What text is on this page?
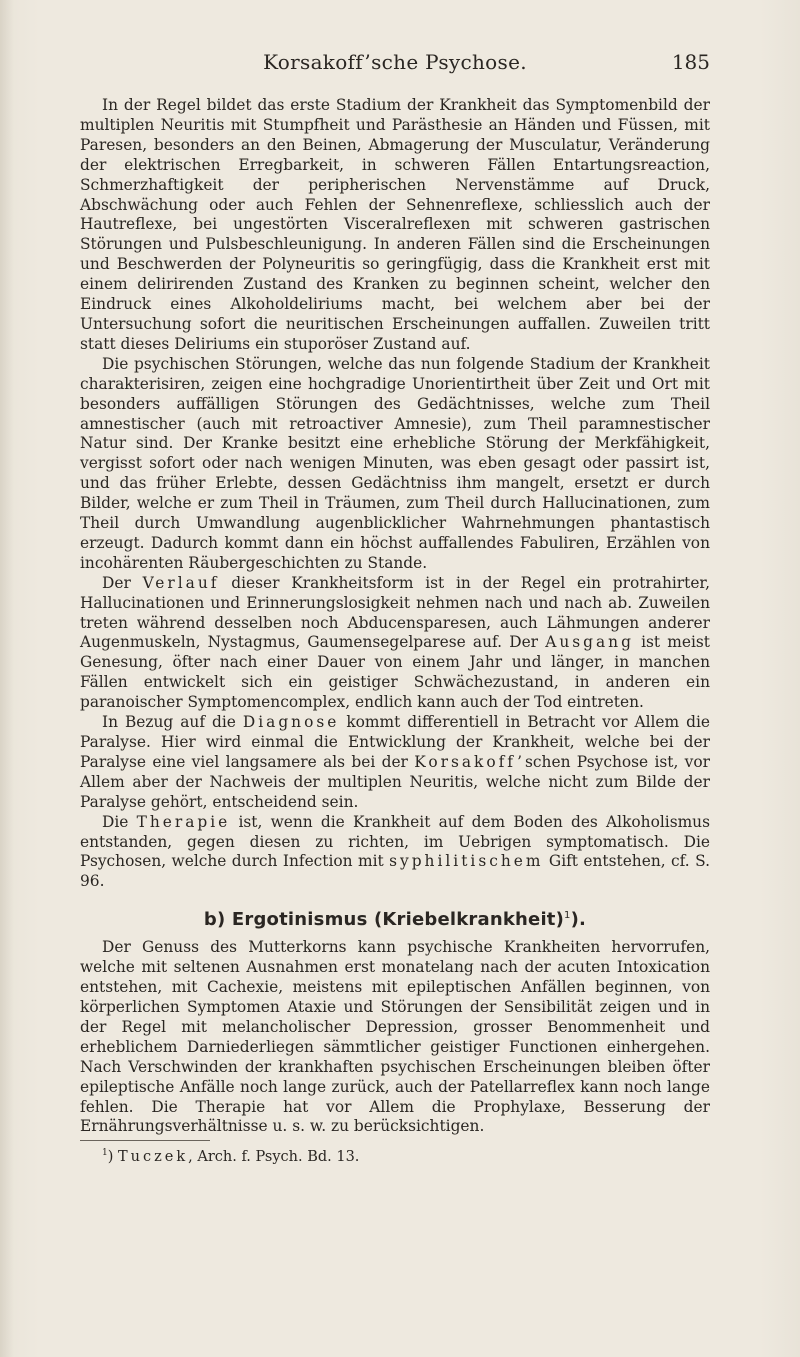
Korsakoff’sche Psychose.	185

In der Regel bildet das erste Stadium der Krankheit das Symptomenbild der multiplen Neuritis mit Stumpfheit und Parästhesie an Händen und Füssen, mit Paresen, besonders an den Beinen, Abmagerung der Musculatur, Veränderung der elektrischen Erregbarkeit, in schweren Fällen Entartungsreaction, Schmerzhaftigkeit der peripherischen Nervenstämme auf Druck, Abschwächung oder auch Fehlen der Sehnenreflexe, schliesslich auch der Hautreflexe, bei ungestörten Visceralreflexen mit schweren gastrischen Störungen und Pulsbeschleunigung. In anderen Fällen sind die Erscheinungen und Beschwerden der Polyneuritis so geringfügig, dass die Krankheit erst mit einem delirirenden Zustand des Kranken zu beginnen scheint, welcher den Eindruck eines Alkoholdeliriums macht, bei welchem aber bei der Untersuchung sofort die neuritischen Erscheinungen auffallen. Zuweilen tritt statt dieses Deliriums ein stuporöser Zustand auf.

Die psychischen Störungen, welche das nun folgende Stadium der Krankheit charakterisiren, zeigen eine hochgradige Unorientirtheit über Zeit und Ort mit besonders auffälligen Störungen des Gedächtnisses, welche zum Theil amnestischer (auch mit retroactiver Amnesie), zum Theil paramnestischer Natur sind. Der Kranke besitzt eine erhebliche Störung der Merkfähigkeit, vergisst sofort oder nach wenigen Minuten, was eben gesagt oder passirt ist, und das früher Erlebte, dessen Gedächtniss ihm mangelt, ersetzt er durch Bilder, welche er zum Theil in Träumen, zum Theil durch Hallucinationen, zum Theil durch Umwandlung augenblicklicher Wahrnehmungen phantastisch erzeugt. Dadurch kommt dann ein höchst auffallendes Fabuliren, Erzählen von incohärenten Räubergeschichten zu Stande.

Der Verlauf dieser Krankheitsform ist in der Regel ein protrahirter, Hallucinationen und Erinnerungslosigkeit nehmen nach und nach ab. Zuweilen treten während desselben noch Abducensparesen, auch Lähmungen anderer Augenmuskeln, Nystagmus, Gaumensegelparese auf. Der Ausgang ist meist Genesung, öfter nach einer Dauer von einem Jahr und länger, in manchen Fällen entwickelt sich ein geistiger Schwächezustand, in anderen ein paranoischer Symptomencomplex, endlich kann auch der Tod eintreten.

In Bezug auf die Diagnose kommt differentiell in Betracht vor Allem die Paralyse. Hier wird einmal die Entwicklung der Krankheit, welche bei der Paralyse eine viel langsamere als bei der Korsakoff’schen Psychose ist, vor Allem aber der Nachweis der multiplen Neuritis, welche nicht zum Bilde der Paralyse gehört, entscheidend sein.

Die Therapie ist, wenn die Krankheit auf dem Boden des Alkoholismus entstanden, gegen diesen zu richten, im Uebrigen symptomatisch. Die Psychosen, welche durch Infection mit syphilitischem Gift entstehen, cf. S. 96.

b) Ergotinismus (Kriebelkrankheit)$^1$).

Der Genuss des Mutterkorns kann psychische Krankheiten hervorrufen, welche mit seltenen Ausnahmen erst monatelang nach der acuten Intoxication entstehen, mit Cachexie, meistens mit epileptischen Anfällen beginnen, von körperlichen Symptomen Ataxie und Störungen der Sensibilität zeigen und in der Regel mit melancholischer Depression, grosser Benommenheit und erheblichem Darniederliegen sämmtlicher geistiger Functionen einhergehen. Nach Verschwinden der krankhaften psychischen Erscheinungen bleiben öfter epileptische Anfälle noch lange zurück, auch der Patellarreflex kann noch lange fehlen. Die Therapie hat vor Allem die Prophylaxe, Besserung der Ernährungsverhältnisse u. s. w. zu berücksichtigen.

$^1$) Tuczek, Arch. f. Psych. Bd. 13.
